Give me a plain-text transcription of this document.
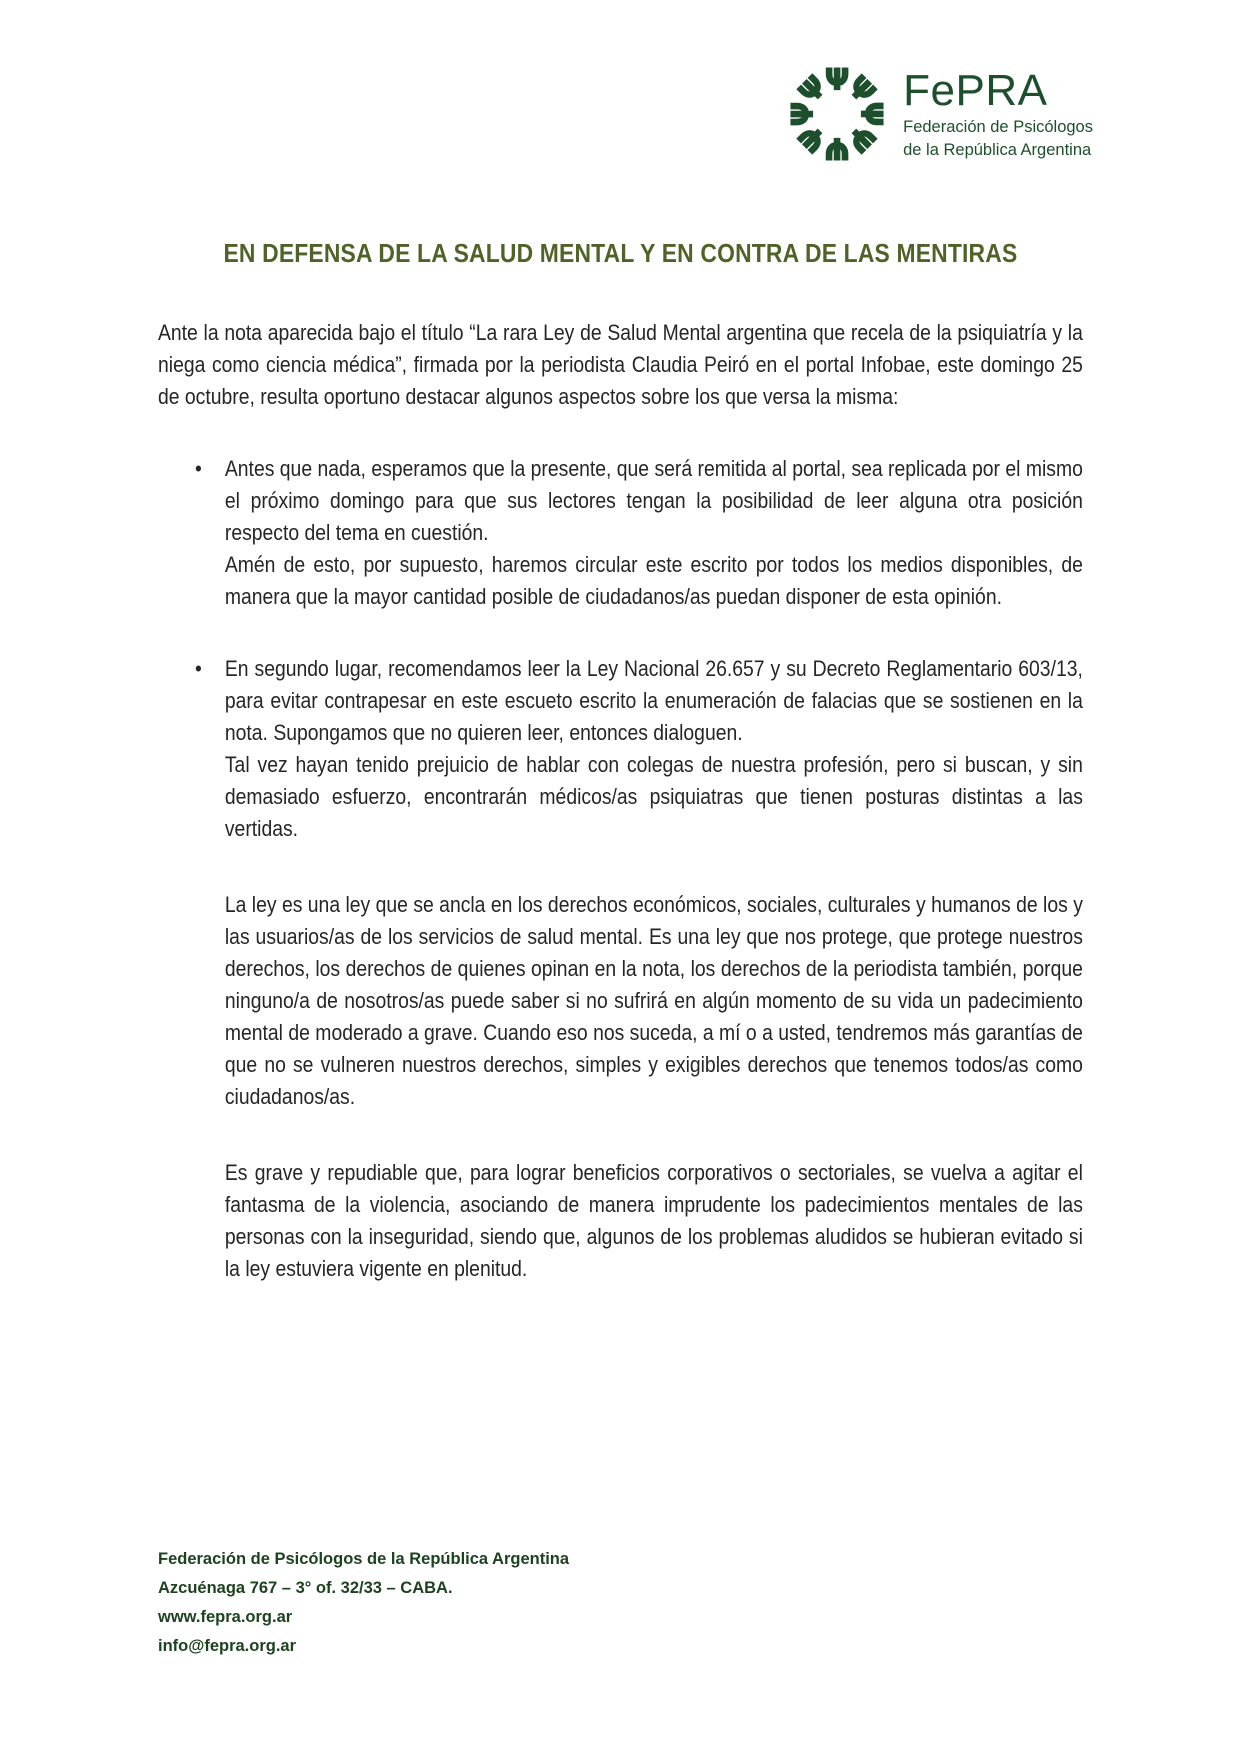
Ψ
Ψ
Ψ
Ψ
Ψ
Ψ
Ψ
Ψ FePRA
Federación de Psicólogos
de la República Argentina
EN DEFENSA DE LA SALUD MENTAL Y EN CONTRA DE LAS MENTIRAS

Ante la nota aparecida bajo el título “La rara Ley de Salud Mental argentina que recela de la psiquiatría y la niega como ciencia médica”, firmada por la periodista Claudia Peiró en el portal Infobae, este domingo 25 de octubre, resulta oportuno destacar algunos aspectos sobre los que versa la misma:

•	Antes que nada, esperamos que la presente, que será remitida al portal, sea replicada por el mismo el próximo domingo para que sus lectores tengan la posibilidad de leer alguna otra posición respecto del tema en cuestión.

Amén de esto, por supuesto, haremos circular este escrito por todos los medios disponibles, de manera que la mayor cantidad posible de ciudadanos/as puedan disponer de esta opinión.

•	En segundo lugar, recomendamos leer la Ley Nacional 26.657 y su Decreto Reglamentario 603/13, para evitar contrapesar en este escueto escrito la enumeración de falacias que se sostienen en la nota. Supongamos que no quieren leer, entonces dialoguen.

Tal vez hayan tenido prejuicio de hablar con colegas de nuestra profesión, pero si buscan, y sin demasiado esfuerzo, encontrarán médicos/as psiquiatras que tienen posturas distintas a las vertidas.

La ley es una ley que se ancla en los derechos económicos, sociales, culturales y humanos de los y las usuarios/as de los servicios de salud mental. Es una ley que nos protege, que protege nuestros derechos, los derechos de quienes opinan en la nota, los derechos de la periodista también, porque ninguno/a de nosotros/as puede saber si no sufrirá en algún momento de su vida un padecimiento mental de moderado a grave. Cuando eso nos suceda, a mí o a usted, tendremos más garantías de que no se vulneren nuestros derechos, simples y exigibles derechos que tenemos todos/as como ciudadanos/as.

Es grave y repudiable que, para lograr beneficios corporativos o sectoriales, se vuelva a agitar el fantasma de la violencia, asociando de manera imprudente los padecimientos mentales de las personas con la inseguridad, siendo que, algunos de los problemas aludidos se hubieran evitado si la ley estuviera vigente en plenitud.

Federación de Psicólogos de la República Argentina
Azcuénaga 767 – 3° of. 32/33 – CABA.
www.fepra.org.ar
info@fepra.org.ar
